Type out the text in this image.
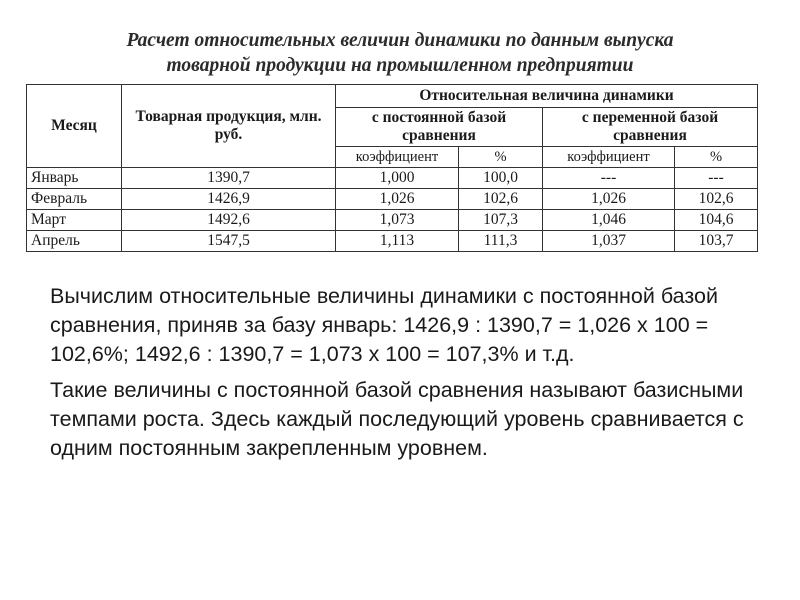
Расчет относительных величин динамики по данным выпуска
товарной продукции на промышленном предприятии
Месяц	Товарная продукция, млн. руб.	Относительная величина динамики			
		с постоянной базой сравнения		с переменной базой сравнения	
		коэффициент	%	коэффициент	%
Январь	1390,7	1,000	100,0	---	---
Февраль	1426,9	1,026	102,6	1,026	102,6
Март	1492,6	1,073	107,3	1,046	104,6
Апрель	1547,5	1,113	111,3	1,037	103,7

Вычислим относительные величины динамики с постоянной базой сравнения, приняв за базу январь: 1426,9 : 1390,7 = 1,026 х 100 = 102,6%; 1492,6 : 1390,7 = 1,073 х 100 = 107,3% и т.д.

Такие величины с постоянной базой сравнения называют базисными темпами роста. Здесь каждый последующий уровень сравнивается с одним постоянным закрепленным уровнем.
